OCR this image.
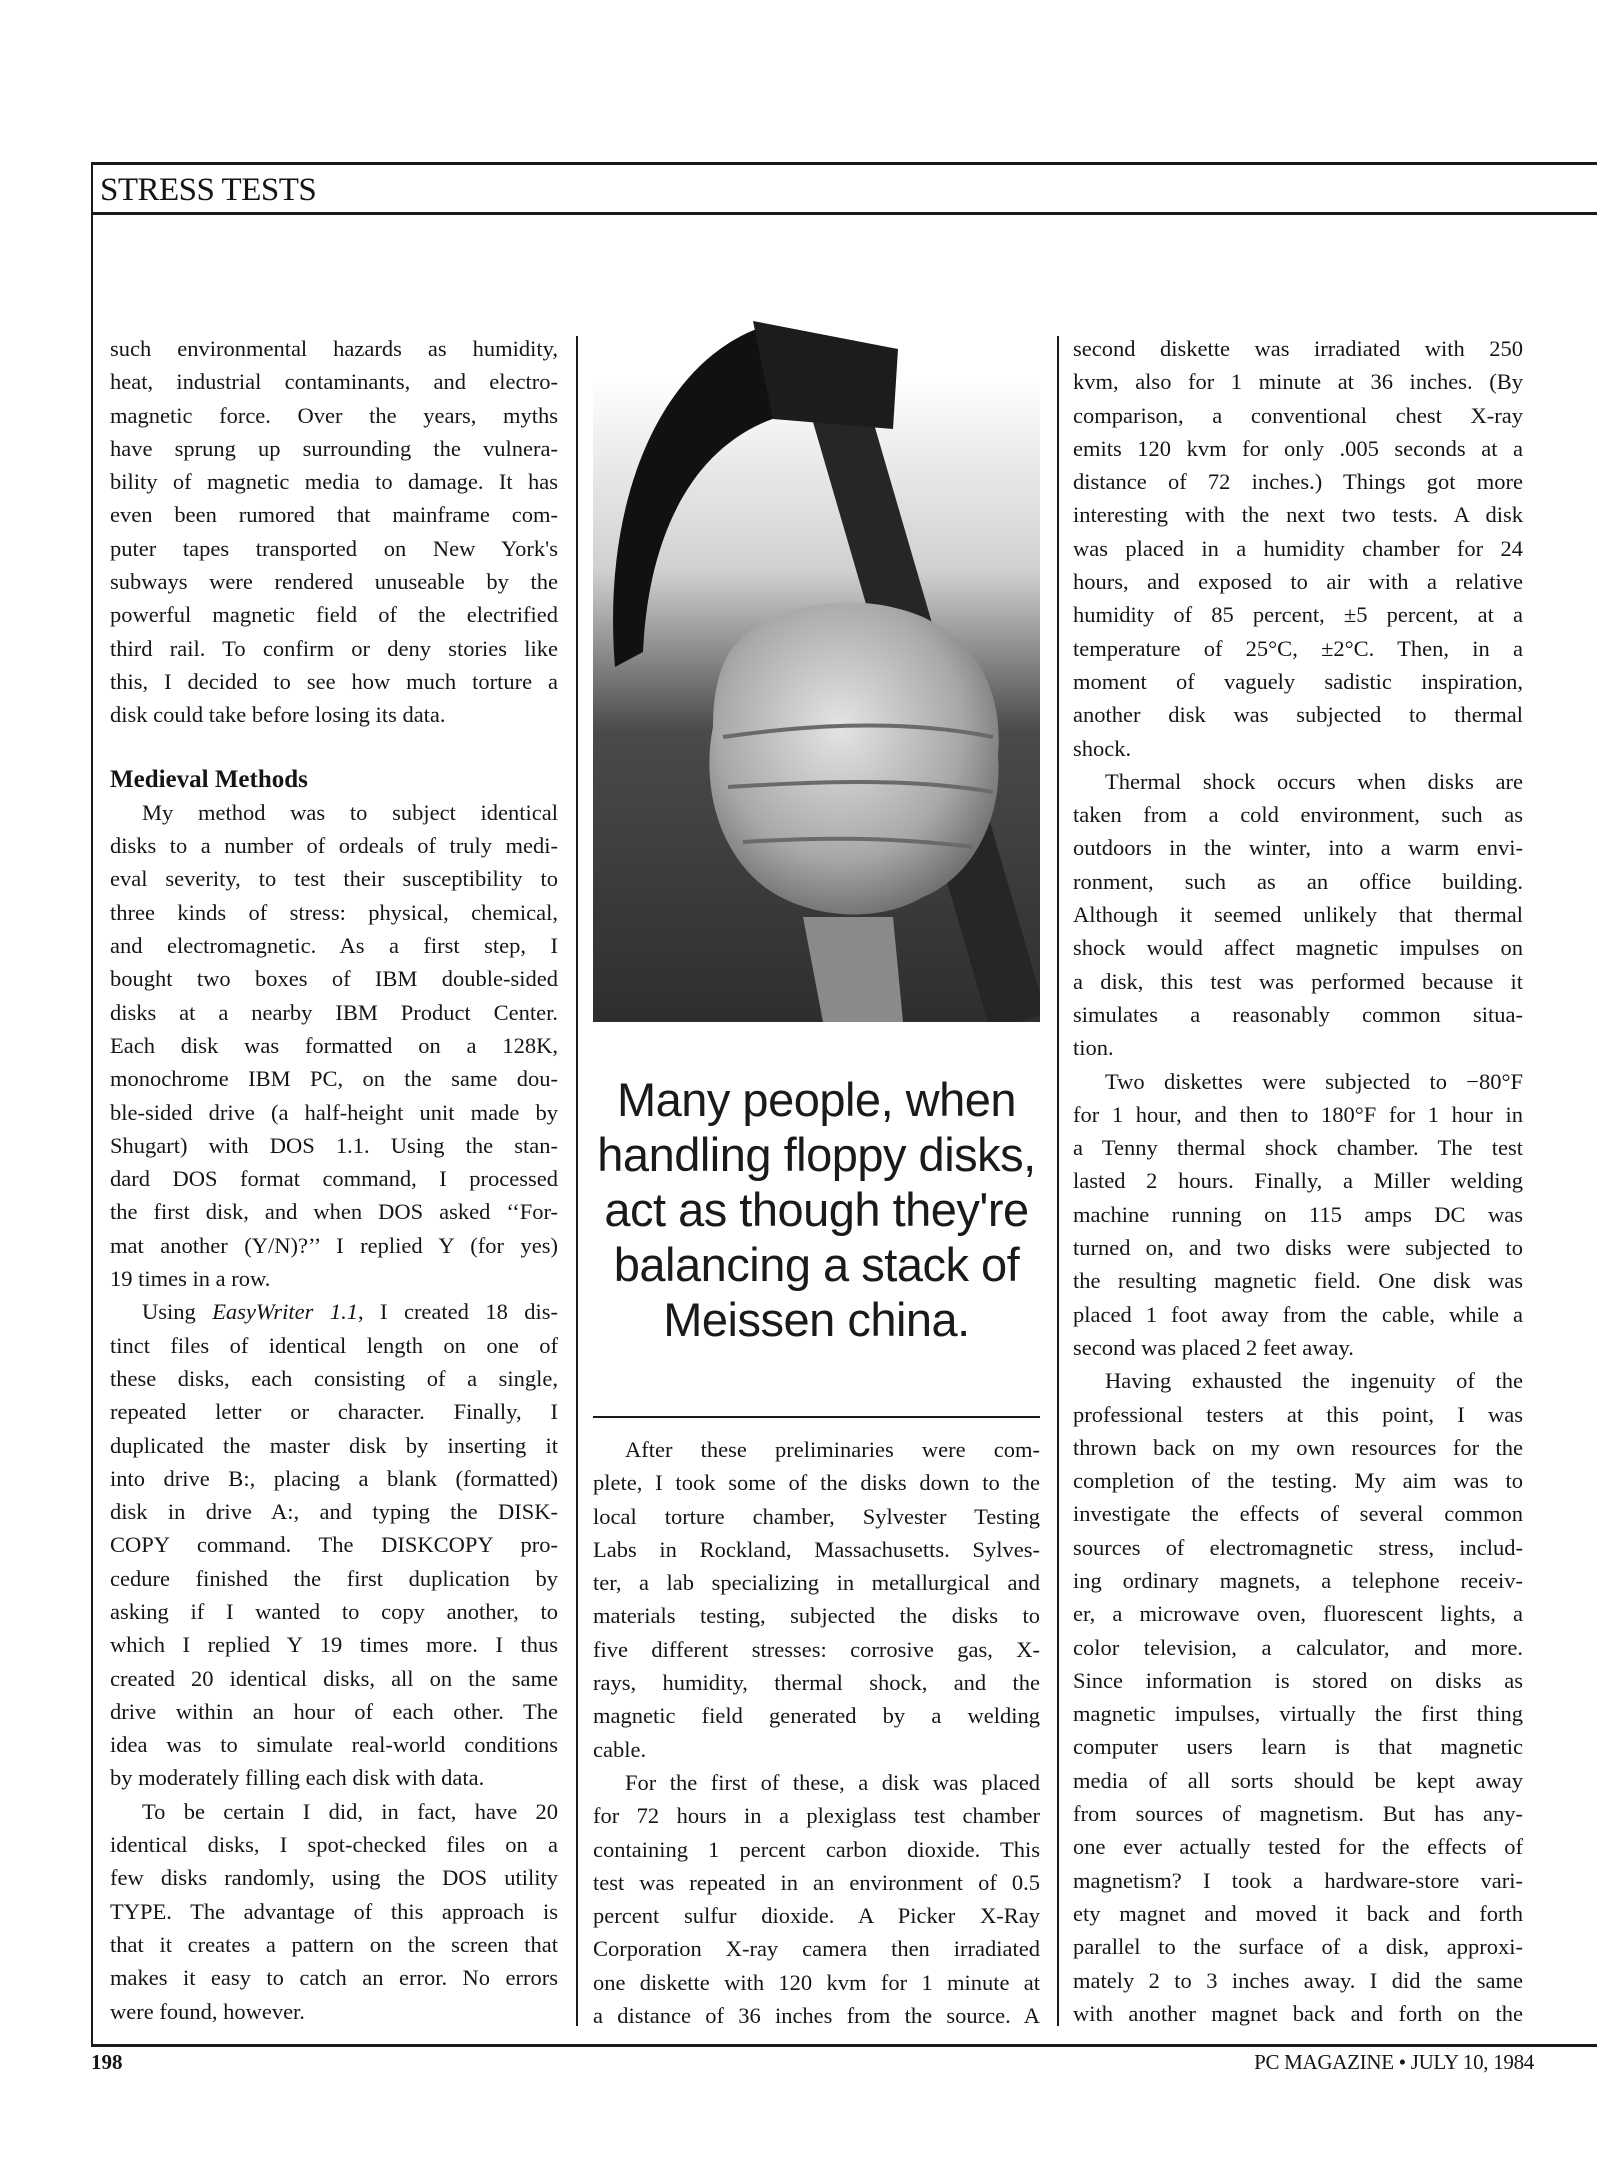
STRESS TESTS
such environmental hazards as humidity,
heat, industrial contaminants, and electro-
magnetic force. Over the years, myths
have sprung up surrounding the vulnera-
bility of magnetic media to damage. It has
even been rumored that mainframe com-
puter tapes transported on New York's
subways were rendered unuseable by the
powerful magnetic field of the electrified
third rail. To confirm or deny stories like
this, I decided to see how much torture a
disk could take before losing its data.
Medieval Methods
My method was to subject identical
disks to a number of ordeals of truly medi-
eval severity, to test their susceptibility to
three kinds of stress: physical, chemical,
and electromagnetic. As a first step, I
bought two boxes of IBM double-sided
disks at a nearby IBM Product Center.
Each disk was formatted on a 128K,
monochrome IBM PC, on the same dou-
ble-sided drive (a half-height unit made by
Shugart) with DOS 1.1. Using the stan-
dard DOS format command, I processed
the first disk, and when DOS asked ‘‘For-
mat another (Y/N)?’’ I replied Y (for yes)
19 times in a row.
Using EasyWriter 1.1, I created 18 dis-
tinct files of identical length on one of
these disks, each consisting of a single,
repeated letter or character. Finally, I
duplicated the master disk by inserting it
into drive B:, placing a blank (formatted)
disk in drive A:, and typing the DISK-
COPY command. The DISKCOPY pro-
cedure finished the first duplication by
asking if I wanted to copy another, to
which I replied Y 19 times more. I thus
created 20 identical disks, all on the same
drive within an hour of each other. The
idea was to simulate real-world conditions
by moderately filling each disk with data.
To be certain I did, in fact, have 20
identical disks, I spot-checked files on a
few disks randomly, using the DOS utility
TYPE. The advantage of this approach is
that it creates a pattern on the screen that
makes it easy to catch an error. No errors
were found, however.
After these preliminaries were com-
plete, I took some of the disks down to the
local torture chamber, Sylvester Testing
Labs in Rockland, Massachusetts. Sylves-
ter, a lab specializing in metallurgical and
materials testing, subjected the disks to
five different stresses: corrosive gas, X-
rays, humidity, thermal shock, and the
magnetic field generated by a welding
cable.
For the first of these, a disk was placed
for 72 hours in a plexiglass test chamber
containing 1 percent carbon dioxide. This
test was repeated in an environment of 0.5
percent sulfur dioxide. A Picker X-Ray
Corporation X-ray camera then irradiated
one diskette with 120 kvm for 1 minute at
a distance of 36 inches from the source. A
second diskette was irradiated with 250
kvm, also for 1 minute at 36 inches. (By
comparison, a conventional chest X-ray
emits 120 kvm for only .005 seconds at a
distance of 72 inches.) Things got more
interesting with the next two tests. A disk
was placed in a humidity chamber for 24
hours, and exposed to air with a relative
humidity of 85 percent, ±5 percent, at a
temperature of 25°C, ±2°C. Then, in a
moment of vaguely sadistic inspiration,
another disk was subjected to thermal
shock.
Thermal shock occurs when disks are
taken from a cold environment, such as
outdoors in the winter, into a warm envi-
ronment, such as an office building.
Although it seemed unlikely that thermal
shock would affect magnetic impulses on
a disk, this test was performed because it
simulates a reasonably common situa-
tion.
Two diskettes were subjected to −80°F
for 1 hour, and then to 180°F for 1 hour in
a Tenny thermal shock chamber. The test
lasted 2 hours. Finally, a Miller welding
machine running on 115 amps DC was
turned on, and two disks were subjected to
the resulting magnetic field. One disk was
placed 1 foot away from the cable, while a
second was placed 2 feet away.
Having exhausted the ingenuity of the
professional testers at this point, I was
thrown back on my own resources for the
completion of the testing. My aim was to
investigate the effects of several common
sources of electromagnetic stress, includ-
ing ordinary magnets, a telephone receiv-
er, a microwave oven, fluorescent lights, a
color television, a calculator, and more.
Since information is stored on disks as
magnetic impulses, virtually the first thing
computer users learn is that magnetic
media of all sorts should be kept away
from sources of magnetism. But has any-
one ever actually tested for the effects of
magnetism? I took a hardware-store vari-
ety magnet and moved it back and forth
parallel to the surface of a disk, approxi-
mately 2 to 3 inches away. I did the same
with another magnet back and forth on the
Many people, when handling floppy disks, act as though they're balancing a stack of Meissen china.
198	PC MAGAZINE • JULY 10, 1984
